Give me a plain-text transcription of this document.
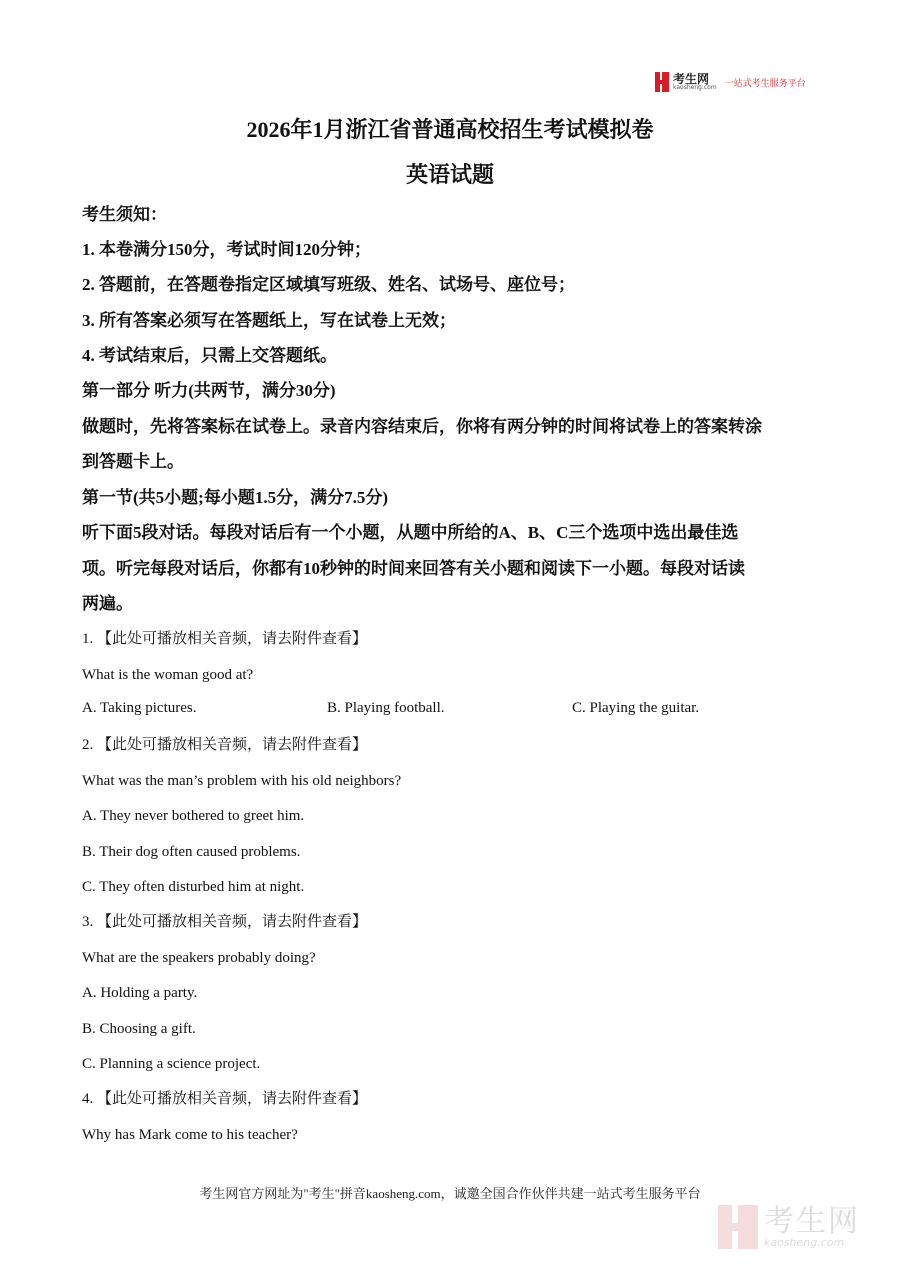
考生网
kaosheng.com 一站式考生服务平台
2026年1月浙江省普通高校招生考试模拟卷
英语试题
考生须知：
1. 本卷满分150分，考试时间120分钟；
2. 答题前，在答题卷指定区域填写班级、姓名、试场号、座位号；
3. 所有答案必须写在答题纸上，写在试卷上无效；
4. 考试结束后，只需上交答题纸。
第一部分 听力(共两节，满分30分)
做题时，先将答案标在试卷上。录音内容结束后，你将有两分钟的时间将试卷上的答案转涂
到答题卡上。
第一节(共5小题;每小题1.5分，满分7.5分)
听下面5段对话。每段对话后有一个小题，从题中所给的A、B、C三个选项中选出最佳选
项。听完每段对话后，你都有10秒钟的时间来回答有关小题和阅读下一小题。每段对话读
两遍。
1. 【此处可播放相关音频，请去附件查看】
What is the woman good at?
A. Taking pictures.	B. Playing football.	C. Playing the guitar.
2. 【此处可播放相关音频，请去附件查看】
What was the man’s problem with his old neighbors?
A. They never bothered to greet him.
B. Their dog often caused problems.
C. They often disturbed him at night.
3. 【此处可播放相关音频，请去附件查看】
What are the speakers probably doing?
A. Holding a party.
B. Choosing a gift.
C. Planning a science project.
4. 【此处可播放相关音频，请去附件查看】
Why has Mark come to his teacher?
考生网官方网址为"考生"拼音kaosheng.com，诚邀全国合作伙伴共建一站式考生服务平台
考生网
kaosheng.com
